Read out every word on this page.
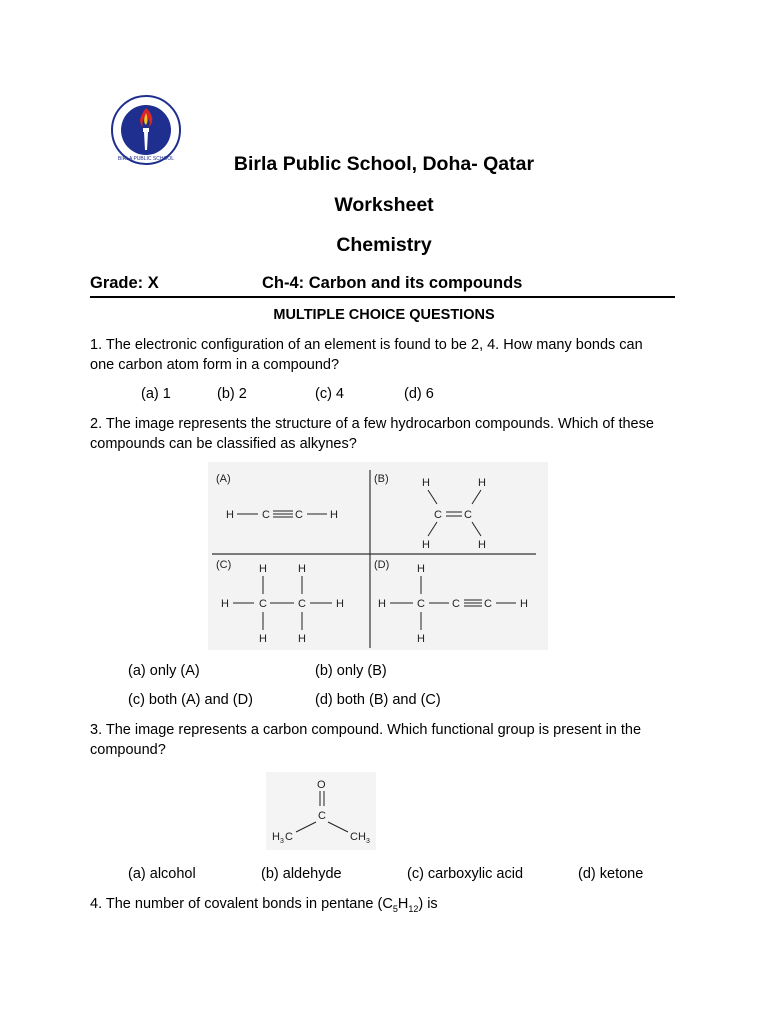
BIRLA PUBLIC SCHOOL	Birla Public School, Doha- Qatar
Worksheet
Chemistry
Grade: X	Ch-4: Carbon and its compounds
MULTIPLE CHOICE QUESTIONS
1. The electronic configuration of an element is found to be 2, 4. How many bonds can
one carbon atom form in a compound?
(a) 1	(b) 2	(c) 4	(d) 6
2. The image represents the structure of a few hydrocarbon compounds. Which of these
compounds can be classified as alkynes?
(A)	(B)
(C)	(D)
H	C C H
H	H
C C
H	H
H	H
H	C	C	H
H	H
H
H	C C C	H
H
(a) only (A)	(b) only (B)
(c) both (A) and (D)	(d) both (B) and (C)
3. The image represents a carbon compound. Which functional group is present in the
compound?
O
C
H 3 C	CH 3
(a) alcohol	(b) aldehyde	(c) carboxylic acid	(d) ketone
4. The number of covalent bonds in pentane $(C_5H_{12})$ is
